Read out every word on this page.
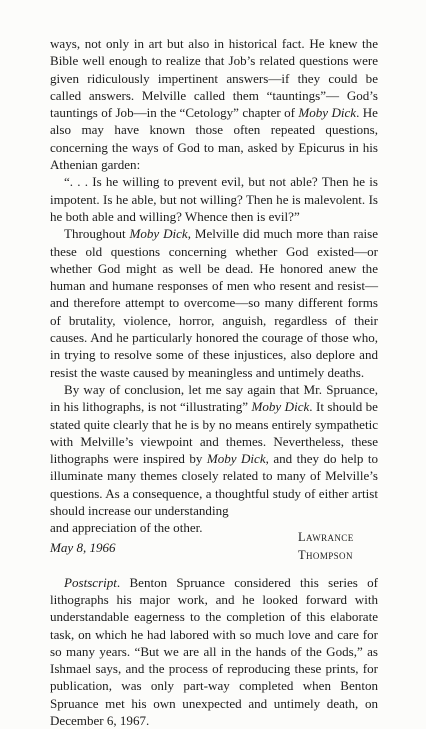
ways, not only in art but also in historical fact. He knew the Bible well enough to realize that Job’s related questions were given ridiculously impertinent answers—if they could be called answers. Melville called them “tauntings”— God’s tauntings of Job—in the “Cetology” chapter of Moby Dick. He also may have known those often repeated questions, concerning the ways of God to man, asked by Epicurus in his Athenian garden:

“. . . Is he willing to prevent evil, but not able? Then he is impotent. Is he able, but not willing? Then he is malevolent. Is he both able and willing? Whence then is evil?”

Throughout Moby Dick, Melville did much more than raise these old questions concerning whether God existed—or whether God might as well be dead. He honored anew the human and humane responses of men who resent and resist—and therefore attempt to overcome—so many different forms of brutality, violence, horror, anguish, regardless of their causes. And he particularly honored the courage of those who, in trying to resolve some of these injustices, also deplore and resist the waste caused by meaningless and untimely deaths.

By way of conclusion, let me say again that Mr. Spruance, in his lithographs, is not “illustrating” Moby Dick. It should be stated quite clearly that he is by no means entirely sympathetic with Melville’s viewpoint and themes. Nevertheless, these lithographs were inspired by Moby Dick, and they do help to illuminate many themes closely related to many of Melville’s questions. As a consequence, a thoughtful study of either artist should increase our understanding

and appreciation of the other.
Lawrance Thompson

May 8, 1966

Postscript. Benton Spruance considered this series of lithographs his major work, and he looked forward with understandable eagerness to the completion of this elaborate task, on which he had labored with so much love and care for so many years. “But we are all in the hands of the Gods,” as Ishmael says, and the process of reproducing these prints, for publication, was only part-way completed when Benton Spruance met his own unexpected and untimely death, on December 6, 1967.
